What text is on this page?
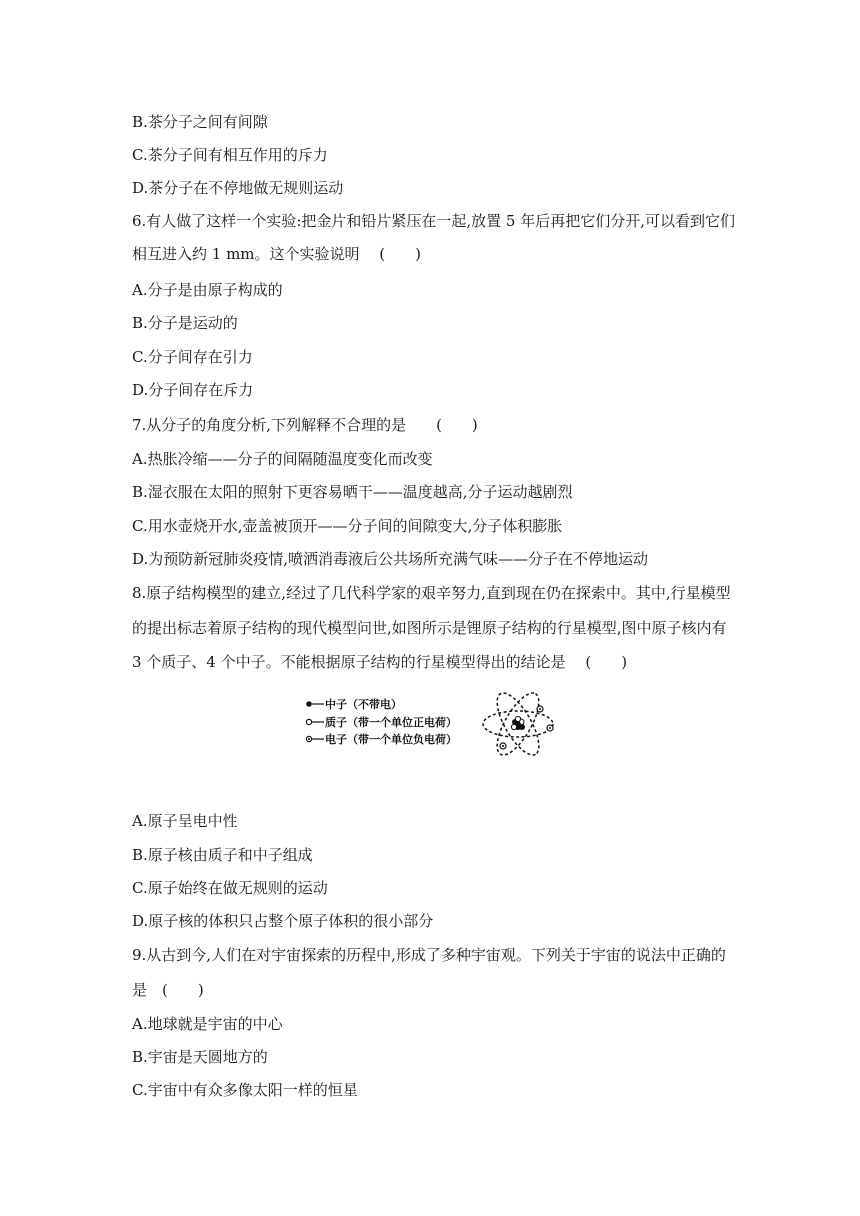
B.茶分子之间有间隙
C.茶分子间有相互作用的斥力
D.茶分子在不停地做无规则运动
6.有人做了这样一个实验:把金片和铅片紧压在一起,放置 5 年后再把它们分开,可以看到它们
相互进入约 1 mm。这个实验说明　 (　　)
A.分子是由原子构成的
B.分子是运动的
C.分子间存在引力
D.分子间存在斥力
7.从分子的角度分析,下列解释不合理的是　　(　　)
A.热胀冷缩——分子的间隔随温度变化而改变
B.湿衣服在太阳的照射下更容易晒干——温度越高,分子运动越剧烈
C.用水壶烧开水,壶盖被顶开——分子间的间隙变大,分子体积膨胀
D.为预防新冠肺炎疫情,喷洒消毒液后公共场所充满气味——分子在不停地运动
8.原子结构模型的建立,经过了几代科学家的艰辛努力,直到现在仍在探索中。其中,行星模型
的提出标志着原子结构的现代模型问世,如图所示是锂原子结构的行星模型,图中原子核内有
3 个质子、4 个中子。不能根据原子结构的行星模型得出的结论是　 (　　)
中子（不带电）
质子（带一个单位正电荷）
电子（带一个单位负电荷）
A.原子呈电中性
B.原子核由质子和中子组成
C.原子始终在做无规则的运动
D.原子核的体积只占整个原子体积的很小部分
9.从古到今,人们在对宇宙探索的历程中,形成了多种宇宙观。下列关于宇宙的说法中正确的
是　(　　)
A.地球就是宇宙的中心
B.宇宙是天圆地方的
C.宇宙中有众多像太阳一样的恒星
